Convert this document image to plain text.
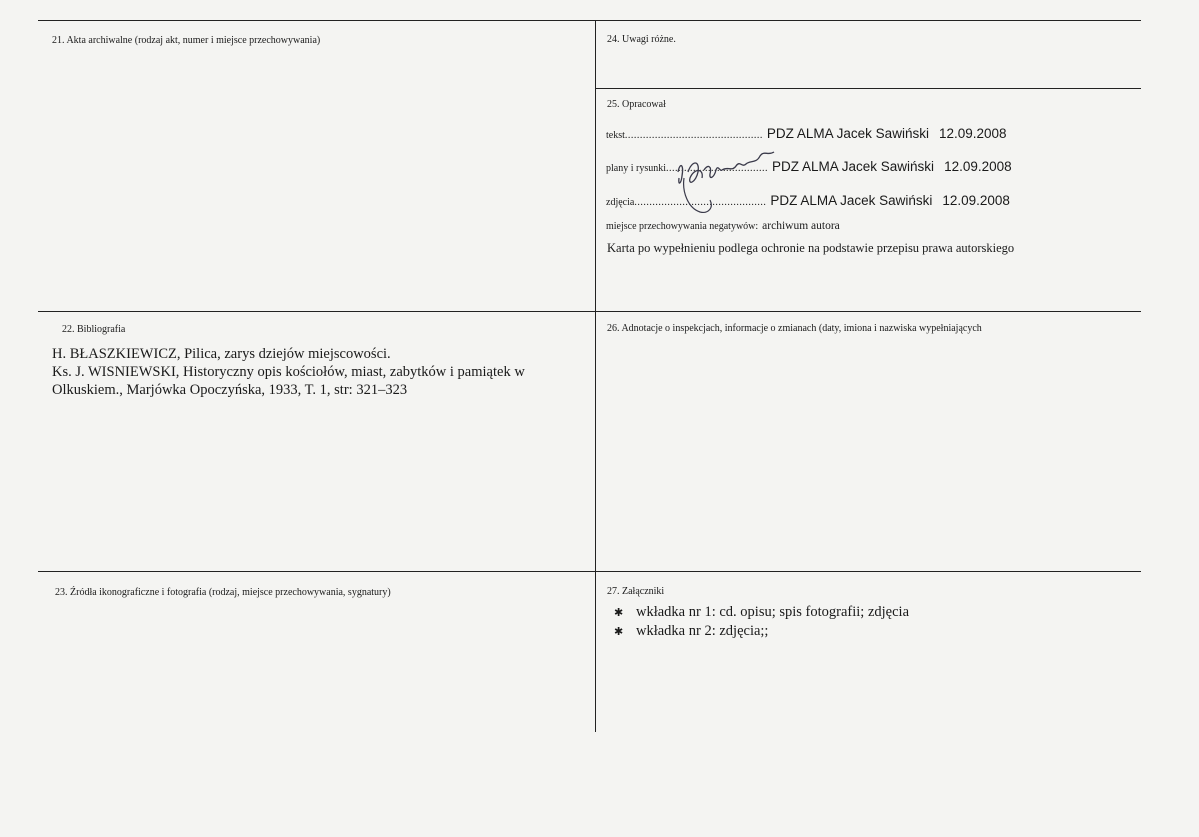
21. Akta archiwalne (rodzaj akt, numer i miejsce przechowywania)	24. Uwagi różne.
25. Opracował
tekst .............................................. PDZ ALMA Jacek Sawiński 12.09.2008
plany i rysunki .................................. PDZ ALMA Jacek Sawiński 12.09.2008
zdjęcia ............................................ PDZ ALMA Jacek Sawiński 12.09.2008
miejsce przechowywania negatywów: archiwum autora
Karta po wypełnieniu podlega ochronie na podstawie przepisu prawa autorskiego
22. Bibliografia
H. BŁASZKIEWICZ, Pilica, zarys dziejów miejscowości.
Ks. J. WISNIEWSKI, Historyczny opis kościołów, miast, zabytków i pamiątek w
Olkuskiem., Marjówka Opoczyńska, 1933, T. 1, str: 321–323
26. Adnotacje o inspekcjach, informacje o zmianach (daty, imiona i nazwiska wypełniających
23. Źródła ikonograficzne i fotografia (rodzaj, miejsce przechowywania, sygnatury)	27. Załączniki
✱ wkładka nr 1: cd. opisu; spis fotografii; zdjęcia
✱ wkładka nr 2: zdjęcia;;
